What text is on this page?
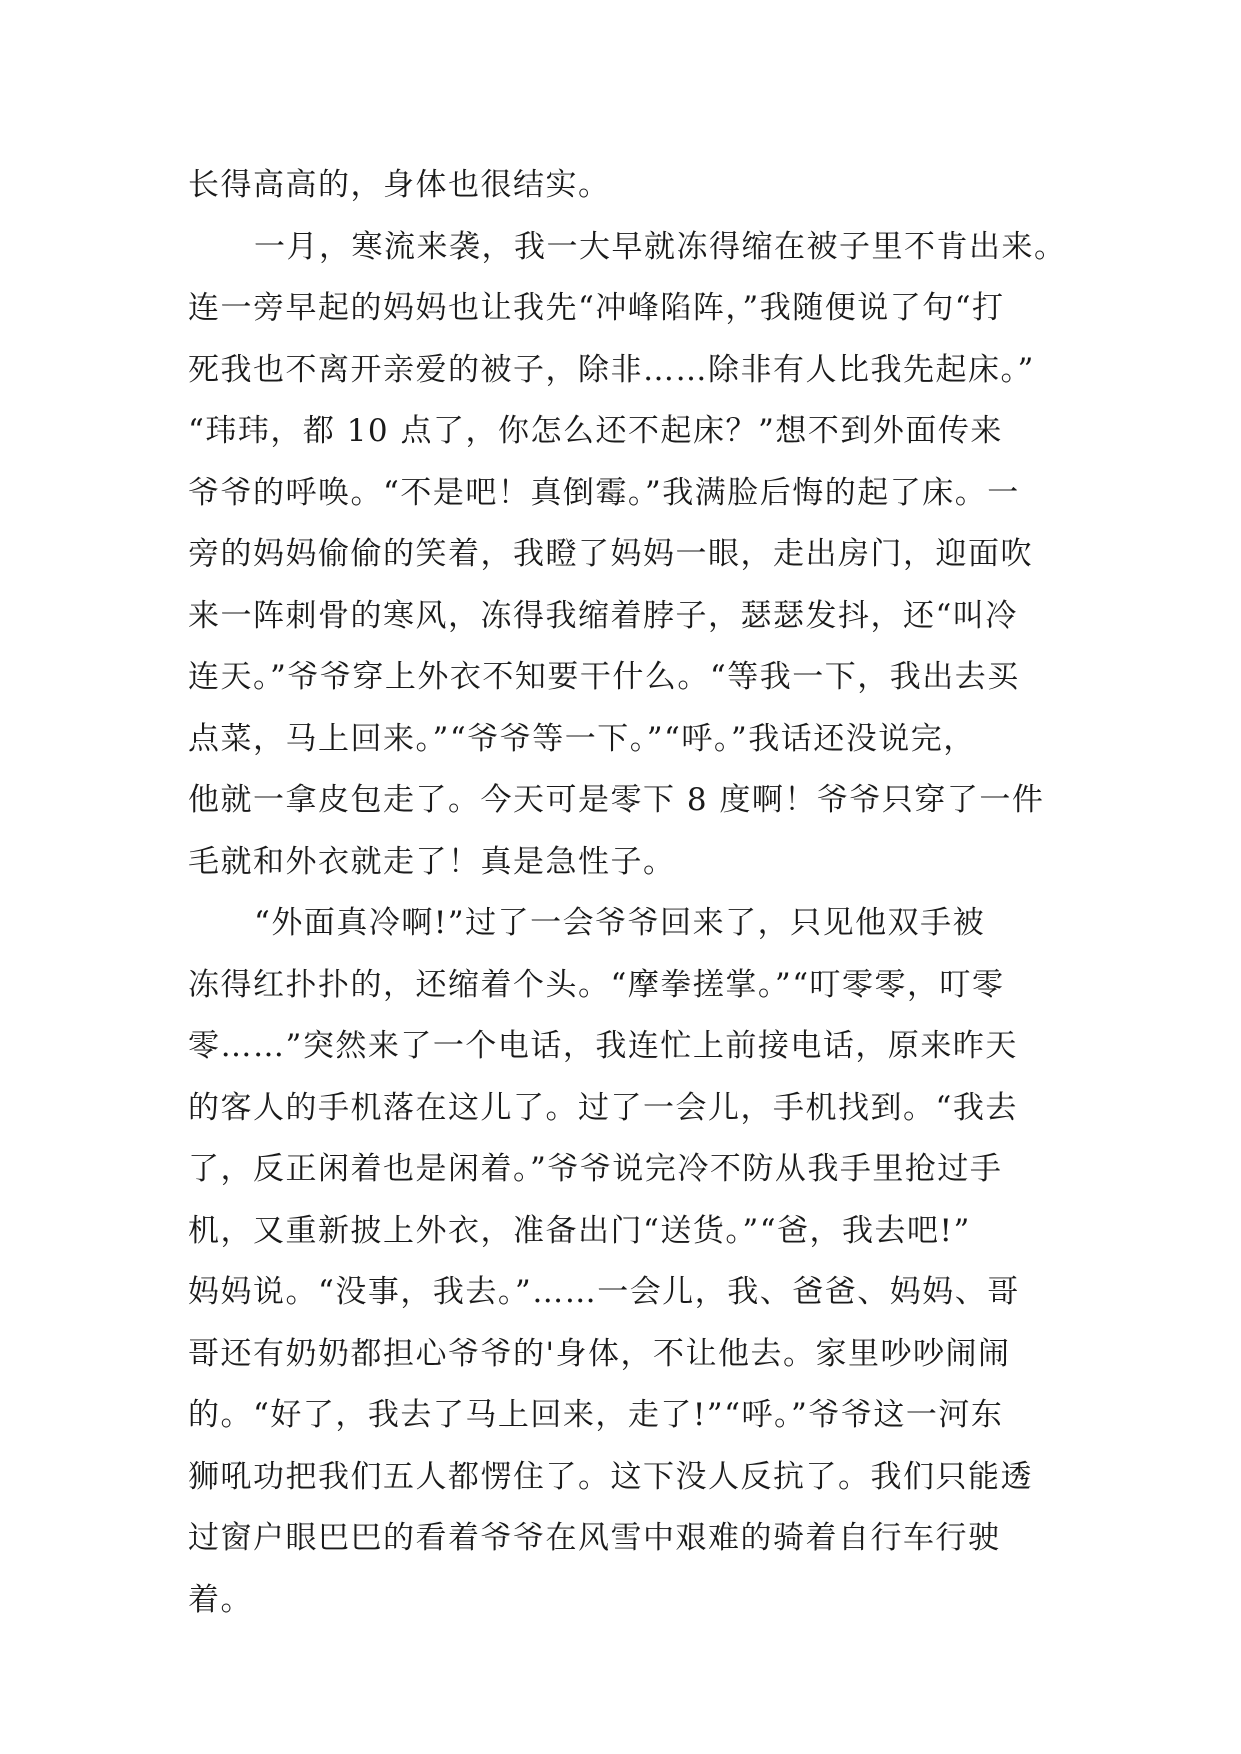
长得高高的，身体也很结实。
一月，寒流来袭，我一大早就冻得缩在被子里不肯出来。
连一旁早起的妈妈也让我先“冲峰陷阵，”我随便说了句“打
死我也不离开亲爱的被子，除非……除非有人比我先起床。”
“玮玮，都 10 点了，你怎么还不起床？”想不到外面传来
爷爷的呼唤。“不是吧！真倒霉。”我满脸后悔的起了床。一
旁的妈妈偷偷的笑着，我瞪了妈妈一眼，走出房门，迎面吹
来一阵刺骨的寒风，冻得我缩着脖子，瑟瑟发抖，还“叫冷
连天。”爷爷穿上外衣不知要干什么。“等我一下，我出去买
点菜，马上回来。”“爷爷等一下。”“呼。”我话还没说完，
他就一拿皮包走了。今天可是零下 8 度啊！爷爷只穿了一件
毛就和外衣就走了！真是急性子。
“外面真冷啊!”过了一会爷爷回来了，只见他双手被
冻得红扑扑的，还缩着个头。“摩拳搓掌。”“叮零零，叮零
零……”突然来了一个电话，我连忙上前接电话，原来昨天
的客人的手机落在这儿了。过了一会儿，手机找到。“我去
了，反正闲着也是闲着。”爷爷说完冷不防从我手里抢过手
机，又重新披上外衣，准备出门“送货。”“爸，我去吧!”
妈妈说。“没事，我去。”……一会儿，我、爸爸、妈妈、哥
哥还有奶奶都担心爷爷的'身体，不让他去。家里吵吵闹闹
的。“好了，我去了马上回来，走了!”“呼。”爷爷这一河东
狮吼功把我们五人都愣住了。这下没人反抗了。我们只能透
过窗户眼巴巴的看着爷爷在风雪中艰难的骑着自行车行驶
着。
